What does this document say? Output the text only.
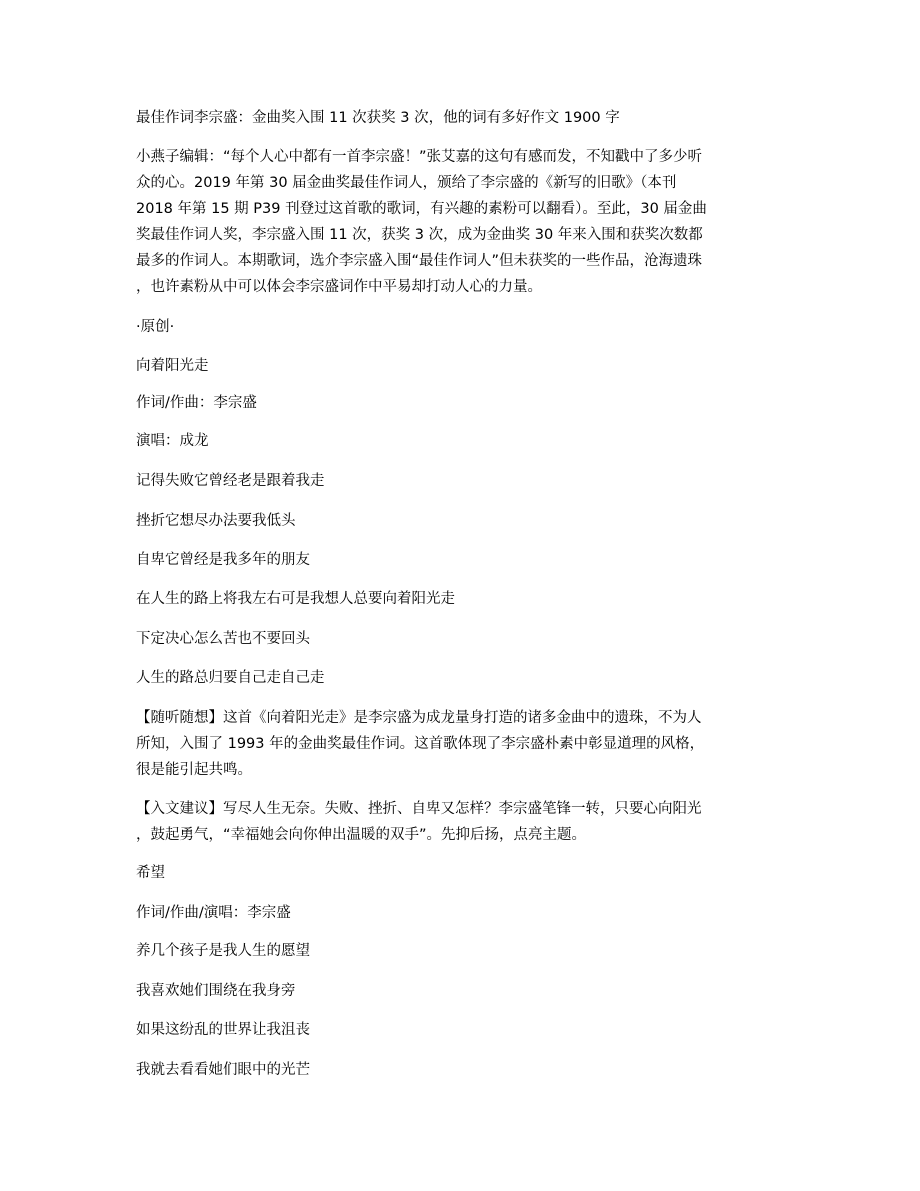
最佳作词李宗盛：金曲奖入围 11 次获奖 3 次，他的词有多好作文 1900 字
小燕子编辑：“每个人心中都有一首李宗盛！”张艾嘉的这句有感而发，不知戳中了多少听
众的心。2019 年第 30 届金曲奖最佳作词人，颁给了李宗盛的《新写的旧歌》（本刊
2018 年第 15 期 P39 刊登过这首歌的歌词，有兴趣的素粉可以翻看）。至此，30 届金曲
奖最佳作词人奖，李宗盛入围 11 次，获奖 3 次，成为金曲奖 30 年来入围和获奖次数都
最多的作词人。本期歌词，选介李宗盛入围“最佳作词人”但未获奖的一些作品，沧海遗珠
，也许素粉从中可以体会李宗盛词作中平易却打动人心的力量。
·原创·
向着阳光走
作词/作曲：李宗盛
演唱：成龙
记得失败它曾经老是跟着我走
挫折它想尽办法要我低头
自卑它曾经是我多年的朋友
在人生的路上将我左右可是我想人总要向着阳光走
下定决心怎么苦也不要回头
人生的路总归要自己走自己走
【随听随想】这首《向着阳光走》是李宗盛为成龙量身打造的诸多金曲中的遗珠，不为人
所知，入围了 1993 年的金曲奖最佳作词。这首歌体现了李宗盛朴素中彰显道理的风格，
很是能引起共鸣。
【入文建议】写尽人生无奈。失败、挫折、自卑又怎样？李宗盛笔锋一转，只要心向阳光
，鼓起勇气，“幸福她会向你伸出温暖的双手”。先抑后扬，点亮主题。
希望
作词/作曲/演唱：李宗盛
养几个孩子是我人生的愿望
我喜欢她们围绕在我身旁
如果这纷乱的世界让我沮丧
我就去看看她们眼中的光芒
